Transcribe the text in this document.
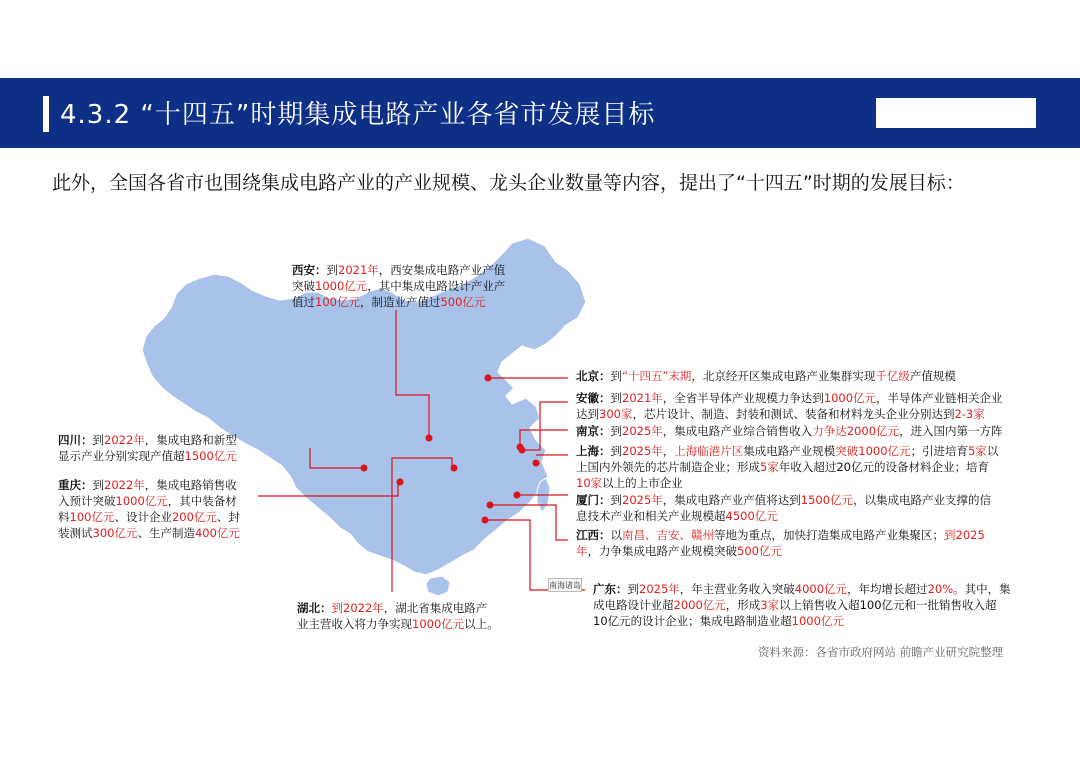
4.3.2 “十四五”时期集成电路产业各省市发展目标
此外，全国各省市也围绕集成电路产业的产业规模、龙头企业数量等内容，提出了“十四五”时期的发展目标：
南海诸岛
西安：到2021年，西安集成电路产业产值
突破1000亿元，其中集成电路设计产业产
值过100亿元，制造业产值过500亿元
北京：到“十四五”末期，北京经开区集成电路产业集群实现千亿级产值规模
安徽：到2021年，全省半导体产业规模力争达到1000亿元，半导体产业链相关企业
达到300家，芯片设计、制造、封装和测试、装备和材料龙头企业分别达到2-3家
南京：到2025年，集成电路产业综合销售收入力争达2000亿元，进入国内第一方阵
上海：到2025年，上海临港片区集成电路产业规模突破1000亿元；引进培育5家以
上国内外领先的芯片制造企业；形成5家年收入超过20亿元的设备材料企业；培育
10家以上的上市企业
厦门：到2025年，集成电路产业产值将达到1500亿元，以集成电路产业支撑的信
息技术产业和相关产业规模超4500亿元
江西：以南昌、吉安、赣州等地为重点，加快打造集成电路产业集聚区；到2025
年，力争集成电路产业规模突破500亿元
广东：到2025年，年主营业务收入突破4000亿元，年均增长超过20%。其中，集
成电路设计业超2000亿元，形成3家以上销售收入超100亿元和一批销售收入超
10亿元的设计企业；集成电路制造业超1000亿元
四川：到2022年，集成电路和新型
显示产业分别实现产值超1500亿元
重庆：到2022年，集成电路销售收
入预计突破1000亿元，其中装备材
料100亿元、设计企业200亿元、封
装测试300亿元、生产制造400亿元
湖北：到2022年，湖北省集成电路产
业主营收入将力争实现1000亿元以上。
资料来源：各省市政府网站 前瞻产业研究院整理
